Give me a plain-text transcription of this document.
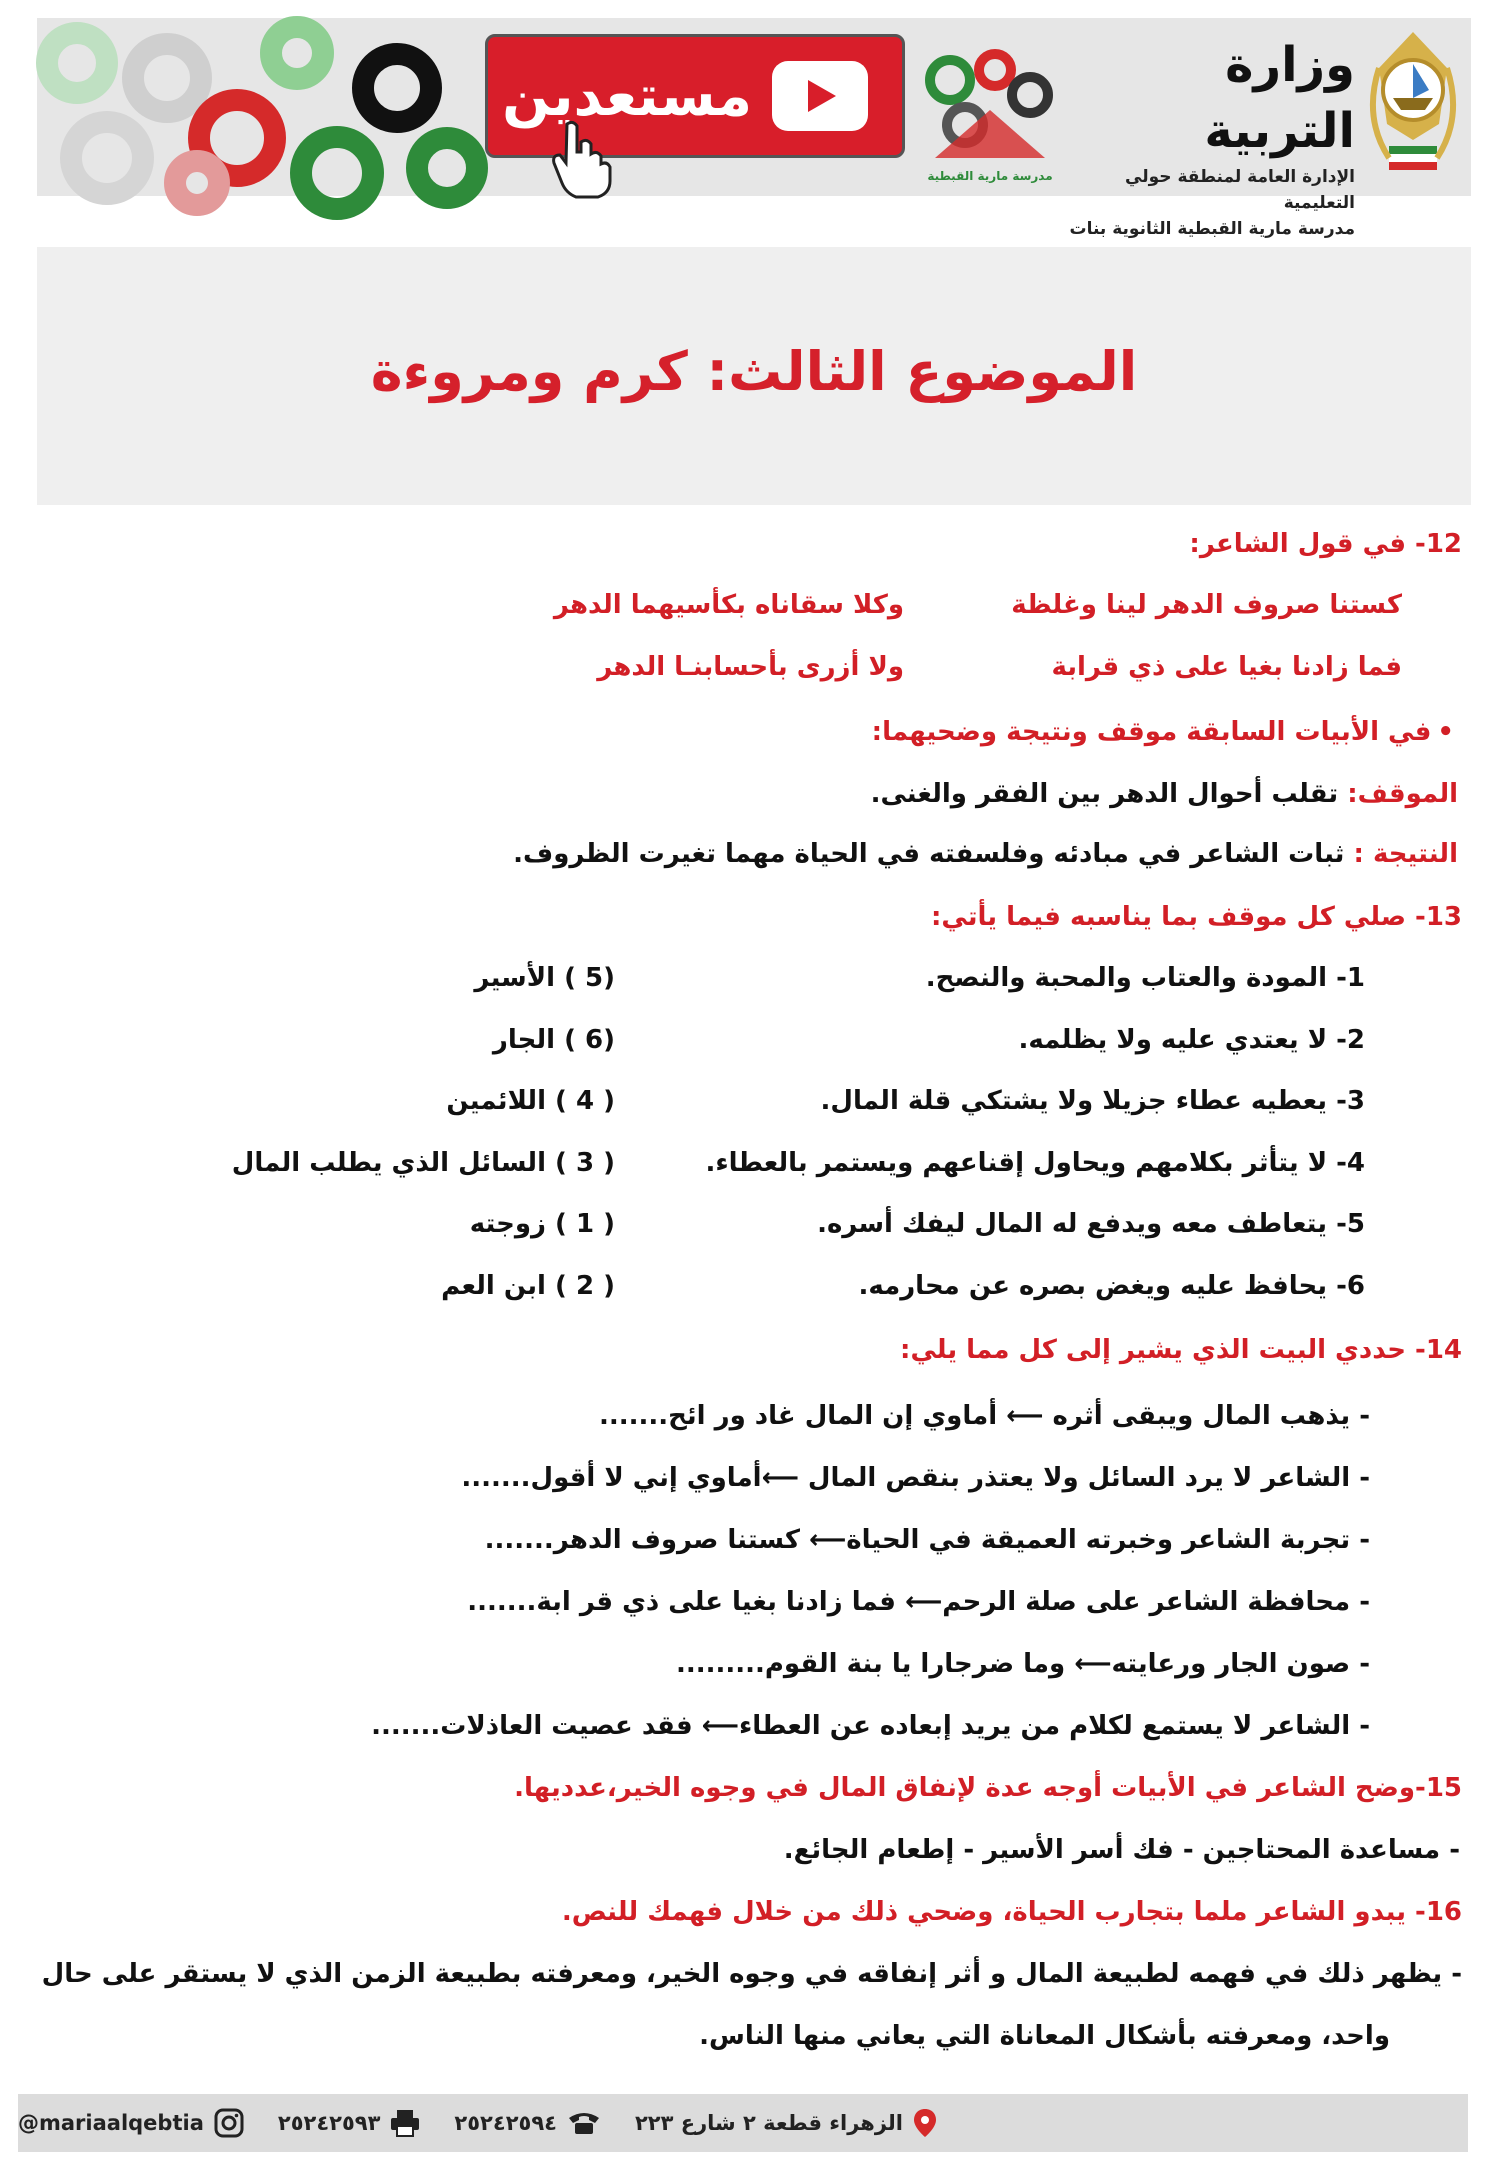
مستعدين
مدرسة مارية القبطية
وزارة التربية
الإدارة العامة لمنطقة حولي التعليمية
مدرسة مارية القبطية الثانوية بنات
الموضوع الثالث: كرم ومروءة
12- في قول الشاعر:
كستنا صروف الدهر لينا وغلظة
وكلا سقاناه بكأسيهما الدهر
فما زادنا بغيا على ذي قرابة
ولا أزرى بأحسابنـا الدهر
• في الأبيات السابقة موقف ونتيجة وضحيهما:
الموقف: تقلب أحوال الدهر بين الفقر والغنى.
النتيجة : ثبات الشاعر في مبادئه وفلسفته في الحياة مهما تغيرت الظروف.
13- صلي كل موقف بما يناسبه فيما يأتي:
1- المودة والعتاب والمحبة والنصح.
(5 ) الأسير
2- لا يعتدي عليه ولا يظلمه.
(6 ) الجار
3- يعطيه عطاء جزيلا ولا يشتكي قلة المال.
( 4 ) اللائمين
4- لا يتأثر بكلامهم ويحاول إقناعهم ويستمر بالعطاء.
( 3 ) السائل الذي يطلب المال
5- يتعاطف معه ويدفع له المال ليفك أسره.
( 1 ) زوجته
6- يحافظ عليه ويغض بصره عن محارمه.
( 2 ) ابن العم
14- حددي البيت الذي يشير إلى كل مما يلي:
- يذهب المال ويبقى أثره ⟵ أماوي إن المال غاد ور ائح.......
- الشاعر لا يرد السائل ولا يعتذر بنقص المال ⟵أماوي إني لا أقول.......
- تجربة الشاعر وخبرته العميقة في الحياة⟵ كستنا صروف الدهر.......
- محافظة الشاعر على صلة الرحم⟵ فما زادنا بغيا على ذي قر ابة.......
- صون الجار ورعايته⟵ وما ضرجارا يا بنة القوم.........
- الشاعر لا يستمع لكلام من يريد إبعاده عن العطاء⟵ فقد عصيت العاذلات.......
15-وضح الشاعر في الأبيات أوجه عدة لإنفاق المال في وجوه الخير،عدديها.
- مساعدة المحتاجين - فك أسر الأسير - إطعام الجائع.
16- يبدو الشاعر ملما بتجارب الحياة، وضحي ذلك من خلال فهمك للنص.
- يظهر ذلك في فهمه لطبيعة المال و أثر إنفاقه في وجوه الخير، ومعرفته بطبيعة الزمن الذي لا يستقر على حال
واحد، ومعرفته بأشكال المعاناة التي يعاني منها الناس.
الزهراء قطعة ٢ شارع ٢٢٣
٢٥٢٤٢٥٩٤
٢٥٢٤٢٥٩٣
@mariaalqebtia
